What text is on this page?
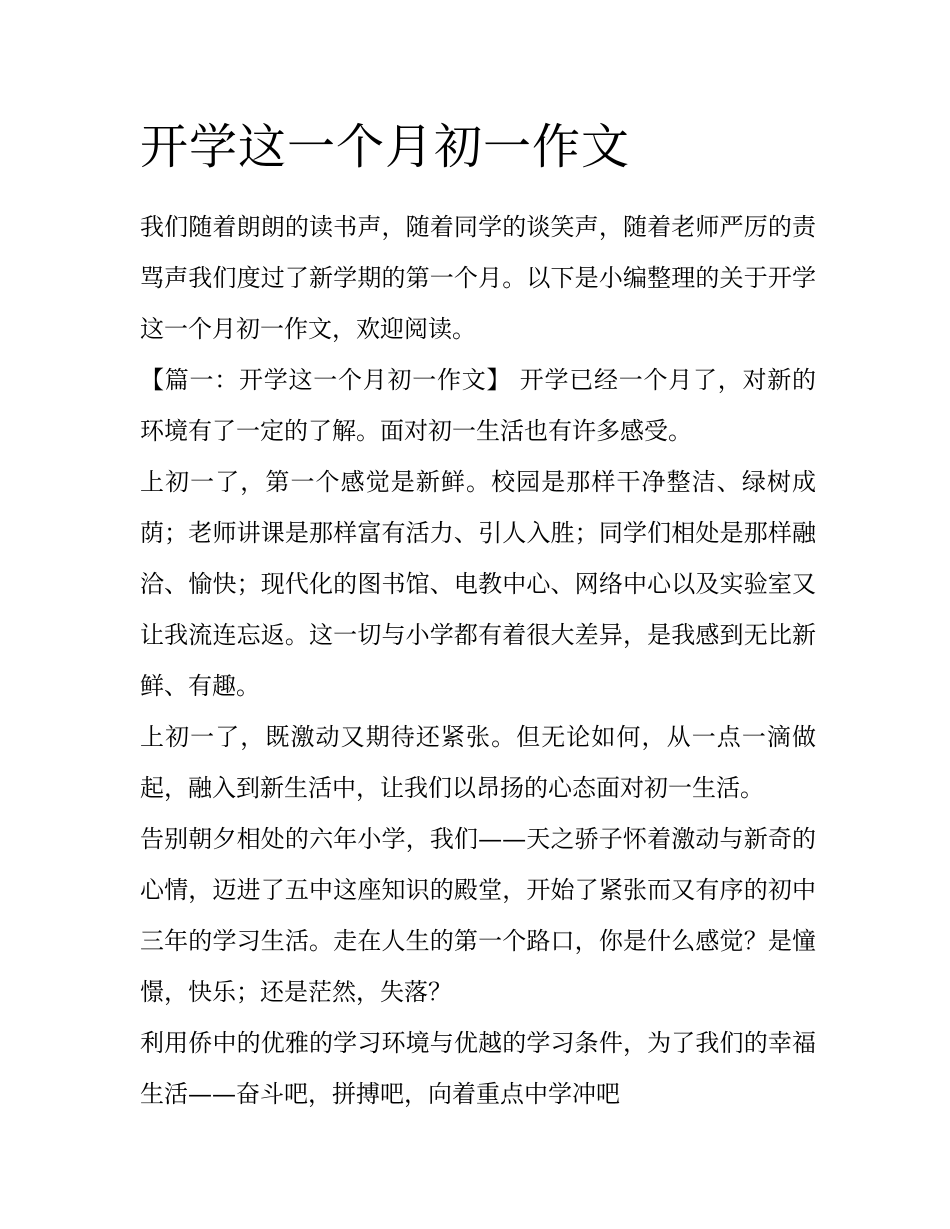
开学这一个月初一作文

我们随着朗朗的读书声，随着同学的谈笑声，随着老师严厉的责骂声我们度过了新学期的第一个月。以下是小编整理的关于开学这一个月初一作文，欢迎阅读。

【篇一：开学这一个月初一作文】 开学已经一个月了，对新的环境有了一定的了解。面对初一生活也有许多感受。

上初一了，第一个感觉是新鲜。校园是那样干净整洁、绿树成荫；老师讲课是那样富有活力、引人入胜；同学们相处是那样融洽、愉快；现代化的图书馆、电教中心、网络中心以及实验室又让我流连忘返。这一切与小学都有着很大差异，是我感到无比新鲜、有趣。

上初一了，既激动又期待还紧张。但无论如何，从一点一滴做起，融入到新生活中，让我们以昂扬的心态面对初一生活。

告别朝夕相处的六年小学，我们——天之骄子怀着激动与新奇的心情，迈进了五中这座知识的殿堂，开始了紧张而又有序的初中三年的学习生活。走在人生的第一个路口，你是什么感觉？是憧憬，快乐；还是茫然，失落？

利用侨中的优雅的学习环境与优越的学习条件，为了我们的幸福生活——奋斗吧，拼搏吧，向着重点中学冲吧
